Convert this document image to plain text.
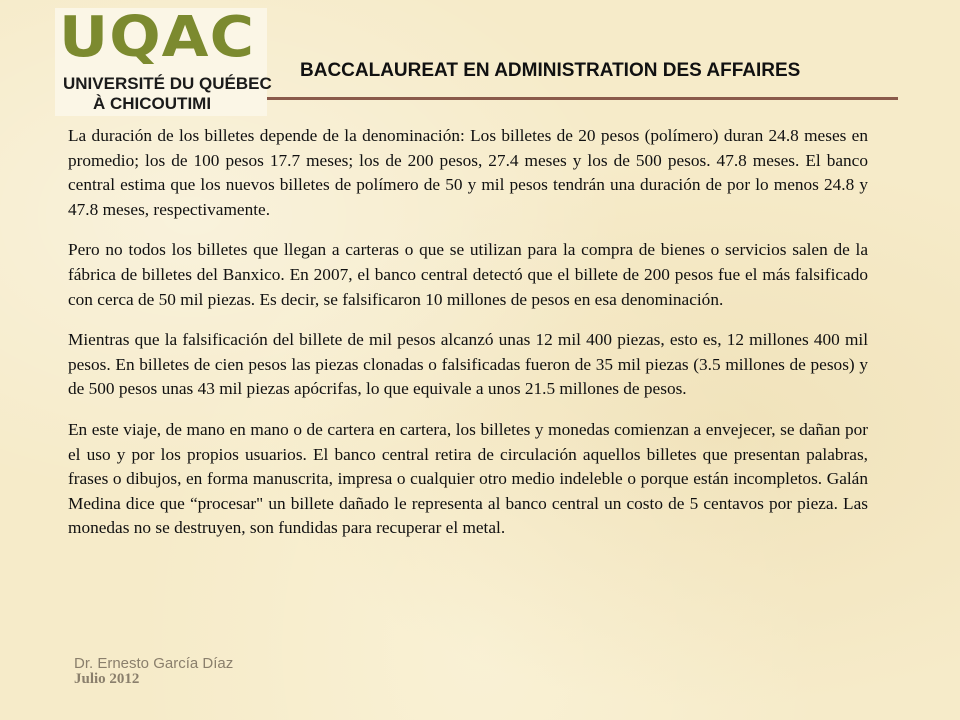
UQAC
UNIVERSITÉ DU QUÉBEC
À CHICOUTIMI
BACCALAUREAT EN ADMINISTRATION DES AFFAIRES

La duración de los billetes depende de la denominación: Los billetes de 20 pesos (polímero) duran 24.8 meses en promedio; los de 100 pesos 17.7 meses; los de 200 pesos, 27.4 meses y los de 500 pesos. 47.8 meses. El banco central estima que los nuevos billetes de polímero de 50 y mil pesos tendrán una duración de por lo menos 24.8 y 47.8 meses, respectivamente.

Pero no todos los billetes que llegan a carteras o que se utilizan para la compra de bienes o servicios salen de la fábrica de billetes del Banxico. En 2007, el banco central detectó que el billete de 200 pesos fue el más falsificado con cerca de 50 mil piezas. Es decir, se falsificaron 10 millones de pesos en esa denominación.

Mientras que la falsificación del billete de mil pesos alcanzó unas 12 mil 400 piezas, esto es, 12 millones 400 mil pesos. En billetes de cien pesos las piezas clonadas o falsificadas fueron de 35 mil piezas (3.5 millones de pesos) y de 500 pesos unas 43 mil piezas apócrifas, lo que equivale a unos 21.5 millones de pesos.

En este viaje, de mano en mano o de cartera en cartera, los billetes y monedas comienzan a envejecer, se dañan por el uso y por los propios usuarios. El banco central retira de circulación aquellos billetes que presentan palabras, frases o dibujos, en forma manuscrita, impresa o cualquier otro medio indeleble o porque están incompletos. Galán Medina dice que “procesar" un billete dañado le representa al banco central un costo de 5 centavos por pieza. Las monedas no se destruyen, son fundidas para recuperar el metal.

Dr. Ernesto García Díaz
Julio 2012
